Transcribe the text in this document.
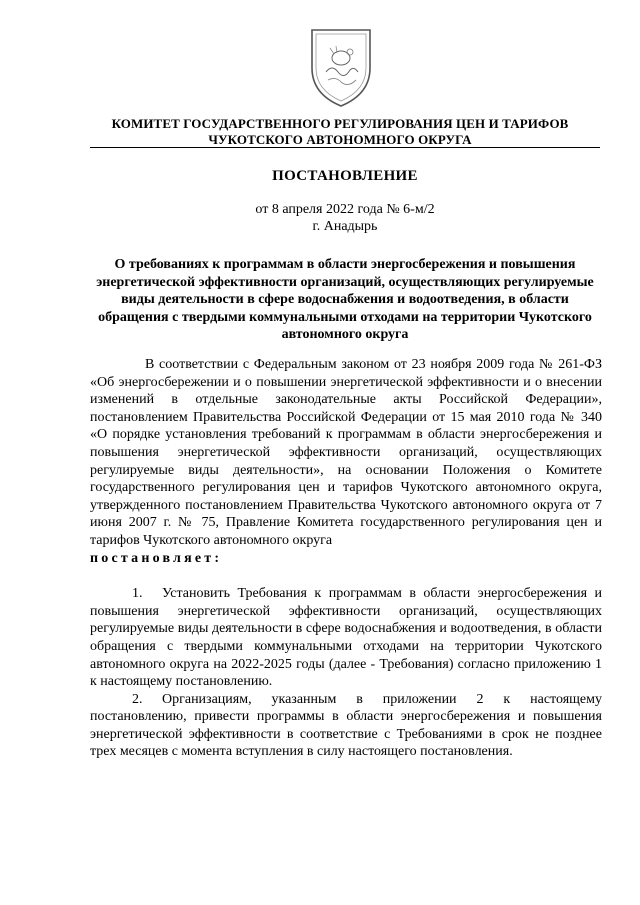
КОМИТЕТ ГОСУДАРСТВЕННОГО РЕГУЛИРОВАНИЯ ЦЕН И ТАРИФОВ
ЧУКОТСКОГО АВТОНОМНОГО ОКРУГА
ПОСТАНОВЛЕНИЕ
от 8 апреля 2022 года № 6-м/2
г. Анадырь
О требованиях к программам в области энергосбережения и повышения энергетической эффективности организаций, осуществляющих регулируемые виды деятельности в сфере водоснабжения и водоотведения, в области обращения с твердыми коммунальными отходами на территории Чукотского автономного округа

В соответствии с Федеральным законом от 23 ноября 2009 года № 261-ФЗ «Об энергосбережении и о повышении энергетической эффективности и о внесении изменений в отдельные законодательные акты Российской Федерации», постановлением Правительства Российской Федерации от 15 мая 2010 года № 340 «О порядке установления требований к программам в области энергосбережения и повышения энергетической эффективности организаций, осуществляющих регулируемые виды деятельности», на основании Положения о Комитете государственного регулирования цен и тарифов Чукотского автономного округа, утвержденного постановлением Правительства Чукотского автономного округа от 7 июня 2007 г. № 75, Правление Комитета государственного регулирования цен и тарифов Чукотского автономного округа

постановляет:

1. Установить Требования к программам в области энергосбережения и повышения энергетической эффективности организаций, осуществляющих регулируемые виды деятельности в сфере водоснабжения и водоотведения, в области обращения с твердыми коммунальными отходами на территории Чукотского автономного округа на 2022-2025 годы (далее - Требования) согласно приложению 1 к настоящему постановлению.

2. Организациям, указанным в приложении 2 к настоящему постановлению, привести программы в области энергосбережения и повышения энергетической эффективности в соответствие с Требованиями в срок не позднее трех месяцев с момента вступления в силу настоящего постановления.
